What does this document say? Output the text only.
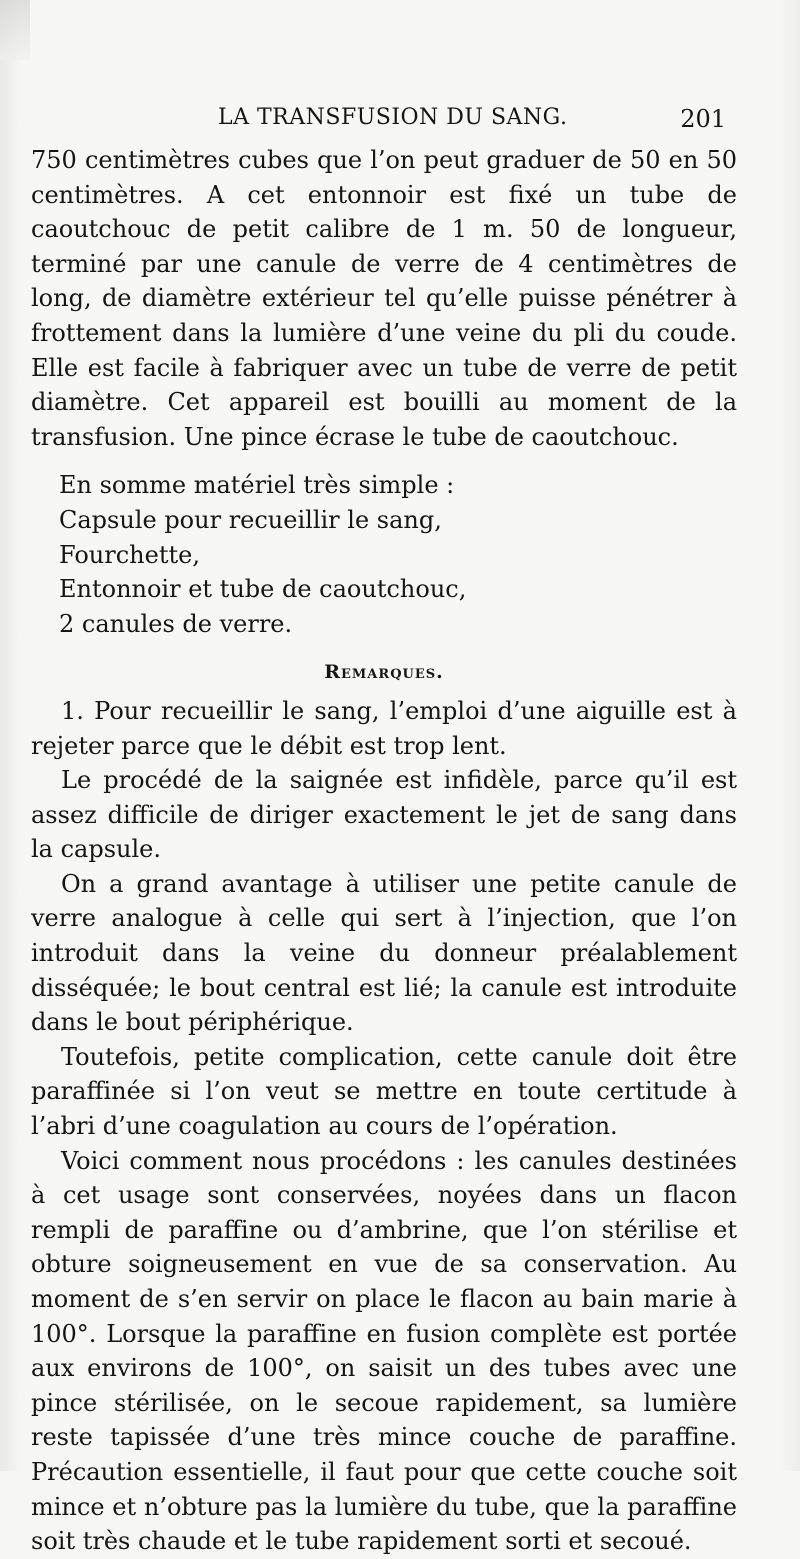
LA TRANSFUSION DU SANG.	201

750 centimètres cubes que l’on peut graduer de 50 en 50 centimètres. A cet entonnoir est fixé un tube de caoutchouc de petit calibre de 1 m. 50 de longueur, terminé par une canule de verre de 4 centimètres de long, de diamètre extérieur tel qu’elle puisse pénétrer à frottement dans la lumière d’une veine du pli du coude. Elle est facile à fabriquer avec un tube de verre de petit diamètre. Cet appareil est bouilli au moment de la transfusion. Une pince écrase le tube de caoutchouc.

En somme matériel très simple :

Capsule pour recueillir le sang,

Fourchette,

Entonnoir et tube de caoutchouc,

2 canules de verre.

Remarques.

1. Pour recueillir le sang, l’emploi d’une aiguille est à rejeter parce que le débit est trop lent.

Le procédé de la saignée est infidèle, parce qu’il est assez difficile de diriger exactement le jet de sang dans la capsule.

On a grand avantage à utiliser une petite canule de verre analogue à celle qui sert à l’injection, que l’on introduit dans la veine du donneur préalablement disséquée; le bout central est lié; la canule est introduite dans le bout périphérique.

Toutefois, petite complication, cette canule doit être paraffinée si l’on veut se mettre en toute certitude à l’abri d’une coagulation au cours de l’opération.

Voici comment nous procédons : les canules destinées à cet usage sont conservées, noyées dans un flacon rempli de paraffine ou d’ambrine, que l’on stérilise et obture soigneusement en vue de sa conservation. Au moment de s’en servir on place le flacon au bain marie à 100°. Lorsque la paraffine en fusion complète est portée aux environs de 100°, on saisit un des tubes avec une pince stérilisée, on le secoue rapidement, sa lumière reste tapissée d’une très mince couche de paraffine. Précaution essentielle, il faut pour que cette couche soit mince et n’obture pas la lumière du tube, que la paraffine soit très chaude et le tube rapidement sorti et secoué.
